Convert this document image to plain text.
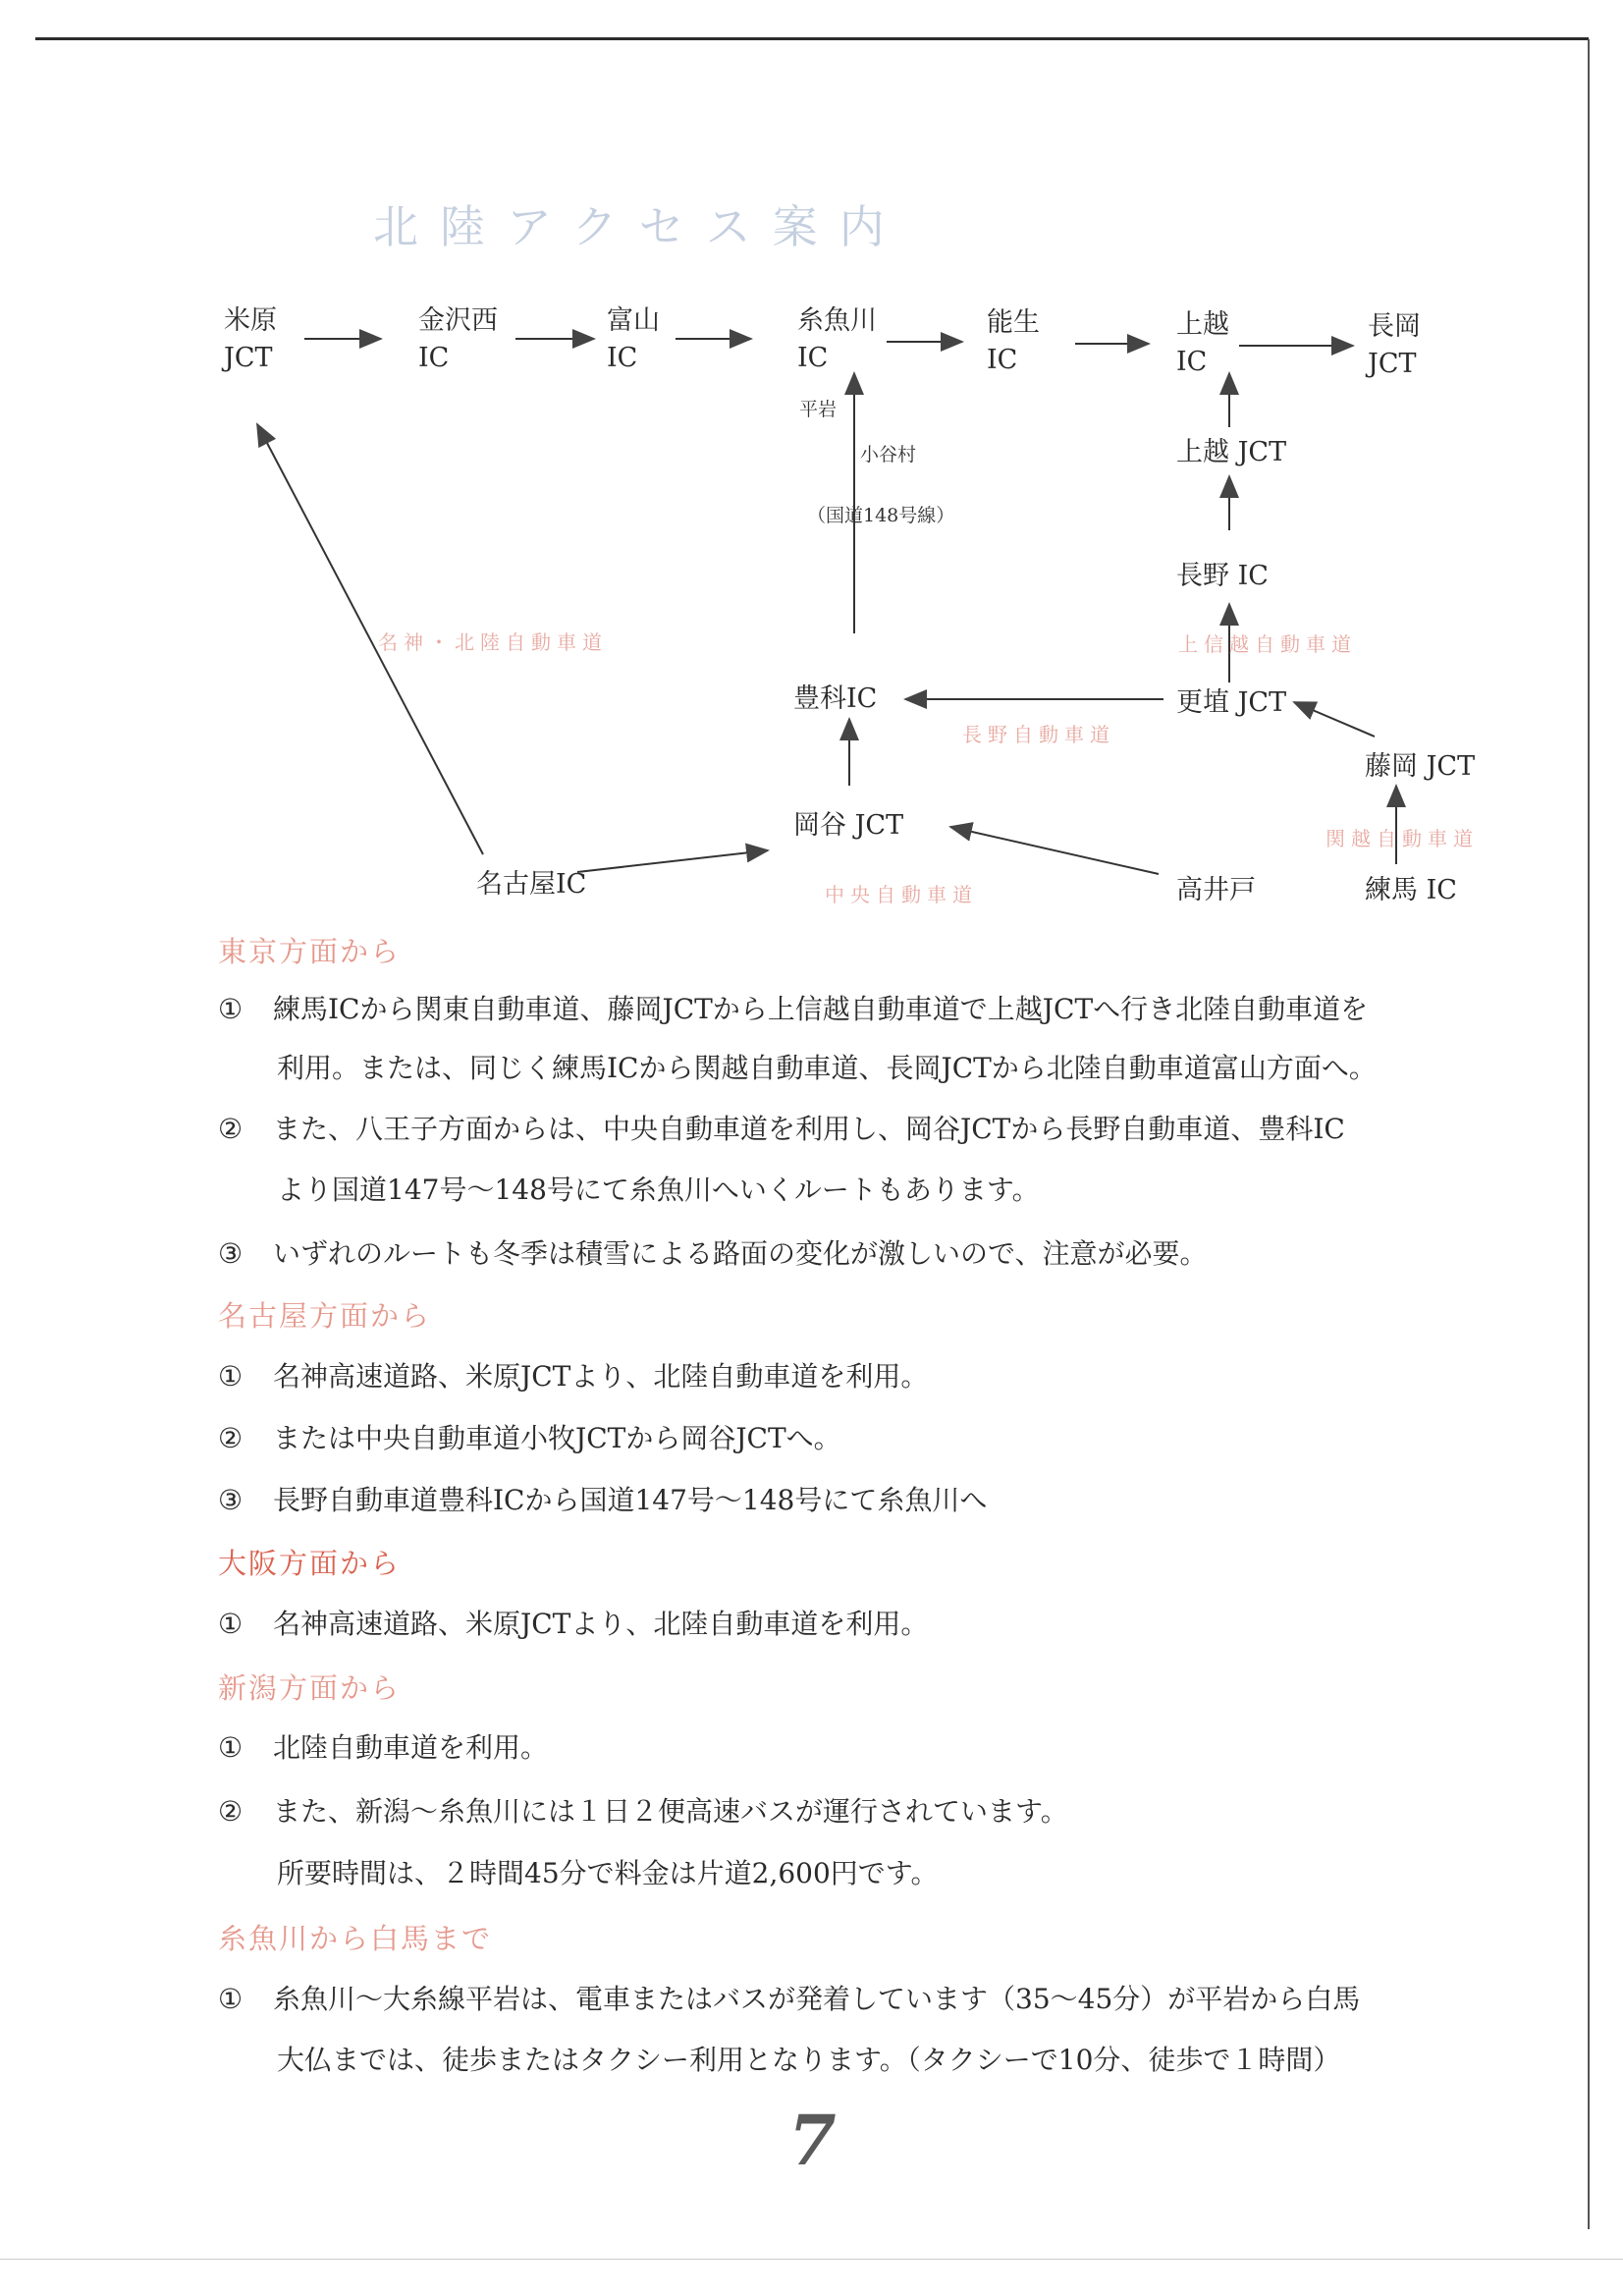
北陸アクセス案内
米原
JCT
金沢西
IC
富山
IC
糸魚川
IC
能生
IC
上越
IC
長岡
JCT
上越 JCT
長野 IC
更埴 JCT
豊科IC
藤岡 JCT
岡谷 JCT
名古屋IC	高井戸	練馬 IC
平岩
小谷村
（国道148号線）
名神・北陸自動車道
長野自動車道
上信越自動車道
関越自動車道
中央自動車道
東京方面から
① 練馬ICから関東自動車道、藤岡JCTから上信越自動車道で上越JCTへ行き北陸自動車道を
利用。または、同じく練馬ICから関越自動車道、長岡JCTから北陸自動車道富山方面へ。
② また、八王子方面からは、中央自動車道を利用し、岡谷JCTから長野自動車道、豊科IC
より国道147号～148号にて糸魚川へいくルートもあります。
③ いずれのルートも冬季は積雪による路面の変化が激しいので、注意が必要。
名古屋方面から
① 名神高速道路、米原JCTより、北陸自動車道を利用。
② または中央自動車道小牧JCTから岡谷JCTへ。
③ 長野自動車道豊科ICから国道147号～148号にて糸魚川へ
大阪方面から
① 名神高速道路、米原JCTより、北陸自動車道を利用。
新潟方面から
① 北陸自動車道を利用。
② また、新潟～糸魚川には１日２便高速バスが運行されています。
所要時間は、２時間45分で料金は片道2,600円です。
糸魚川から白馬まで
① 糸魚川～大糸線平岩は、電車またはバスが発着しています（35～45分）が平岩から白馬
大仏までは、徒歩またはタクシー利用となります。（タクシーで10分、徒歩で１時間）
7
